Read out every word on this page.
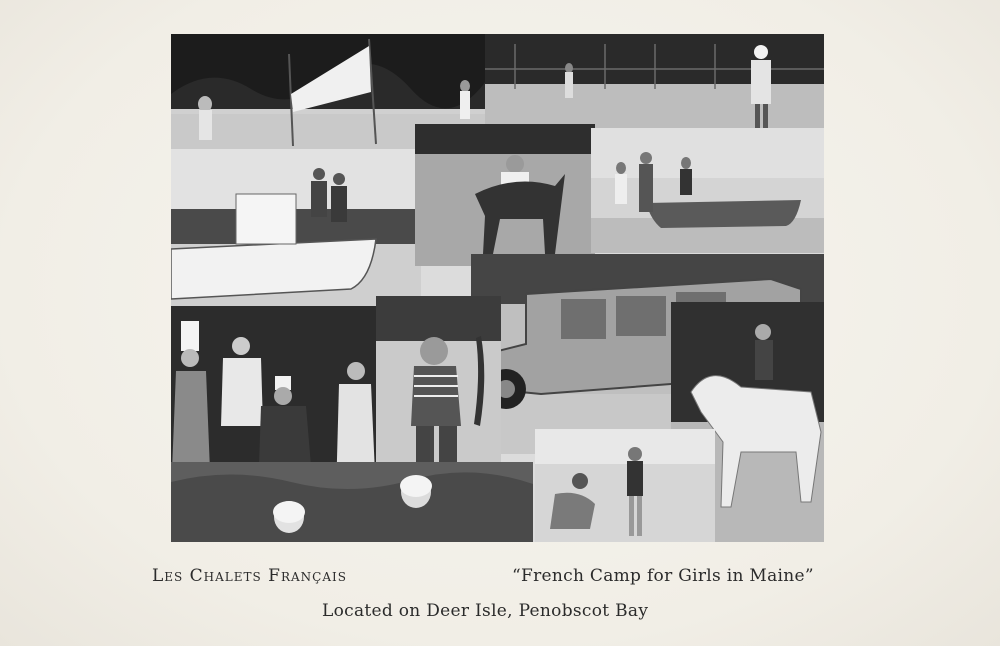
Les Chalets Français	“French Camp for Girls in Maine”
Located on Deer Isle, Penobscot Bay
